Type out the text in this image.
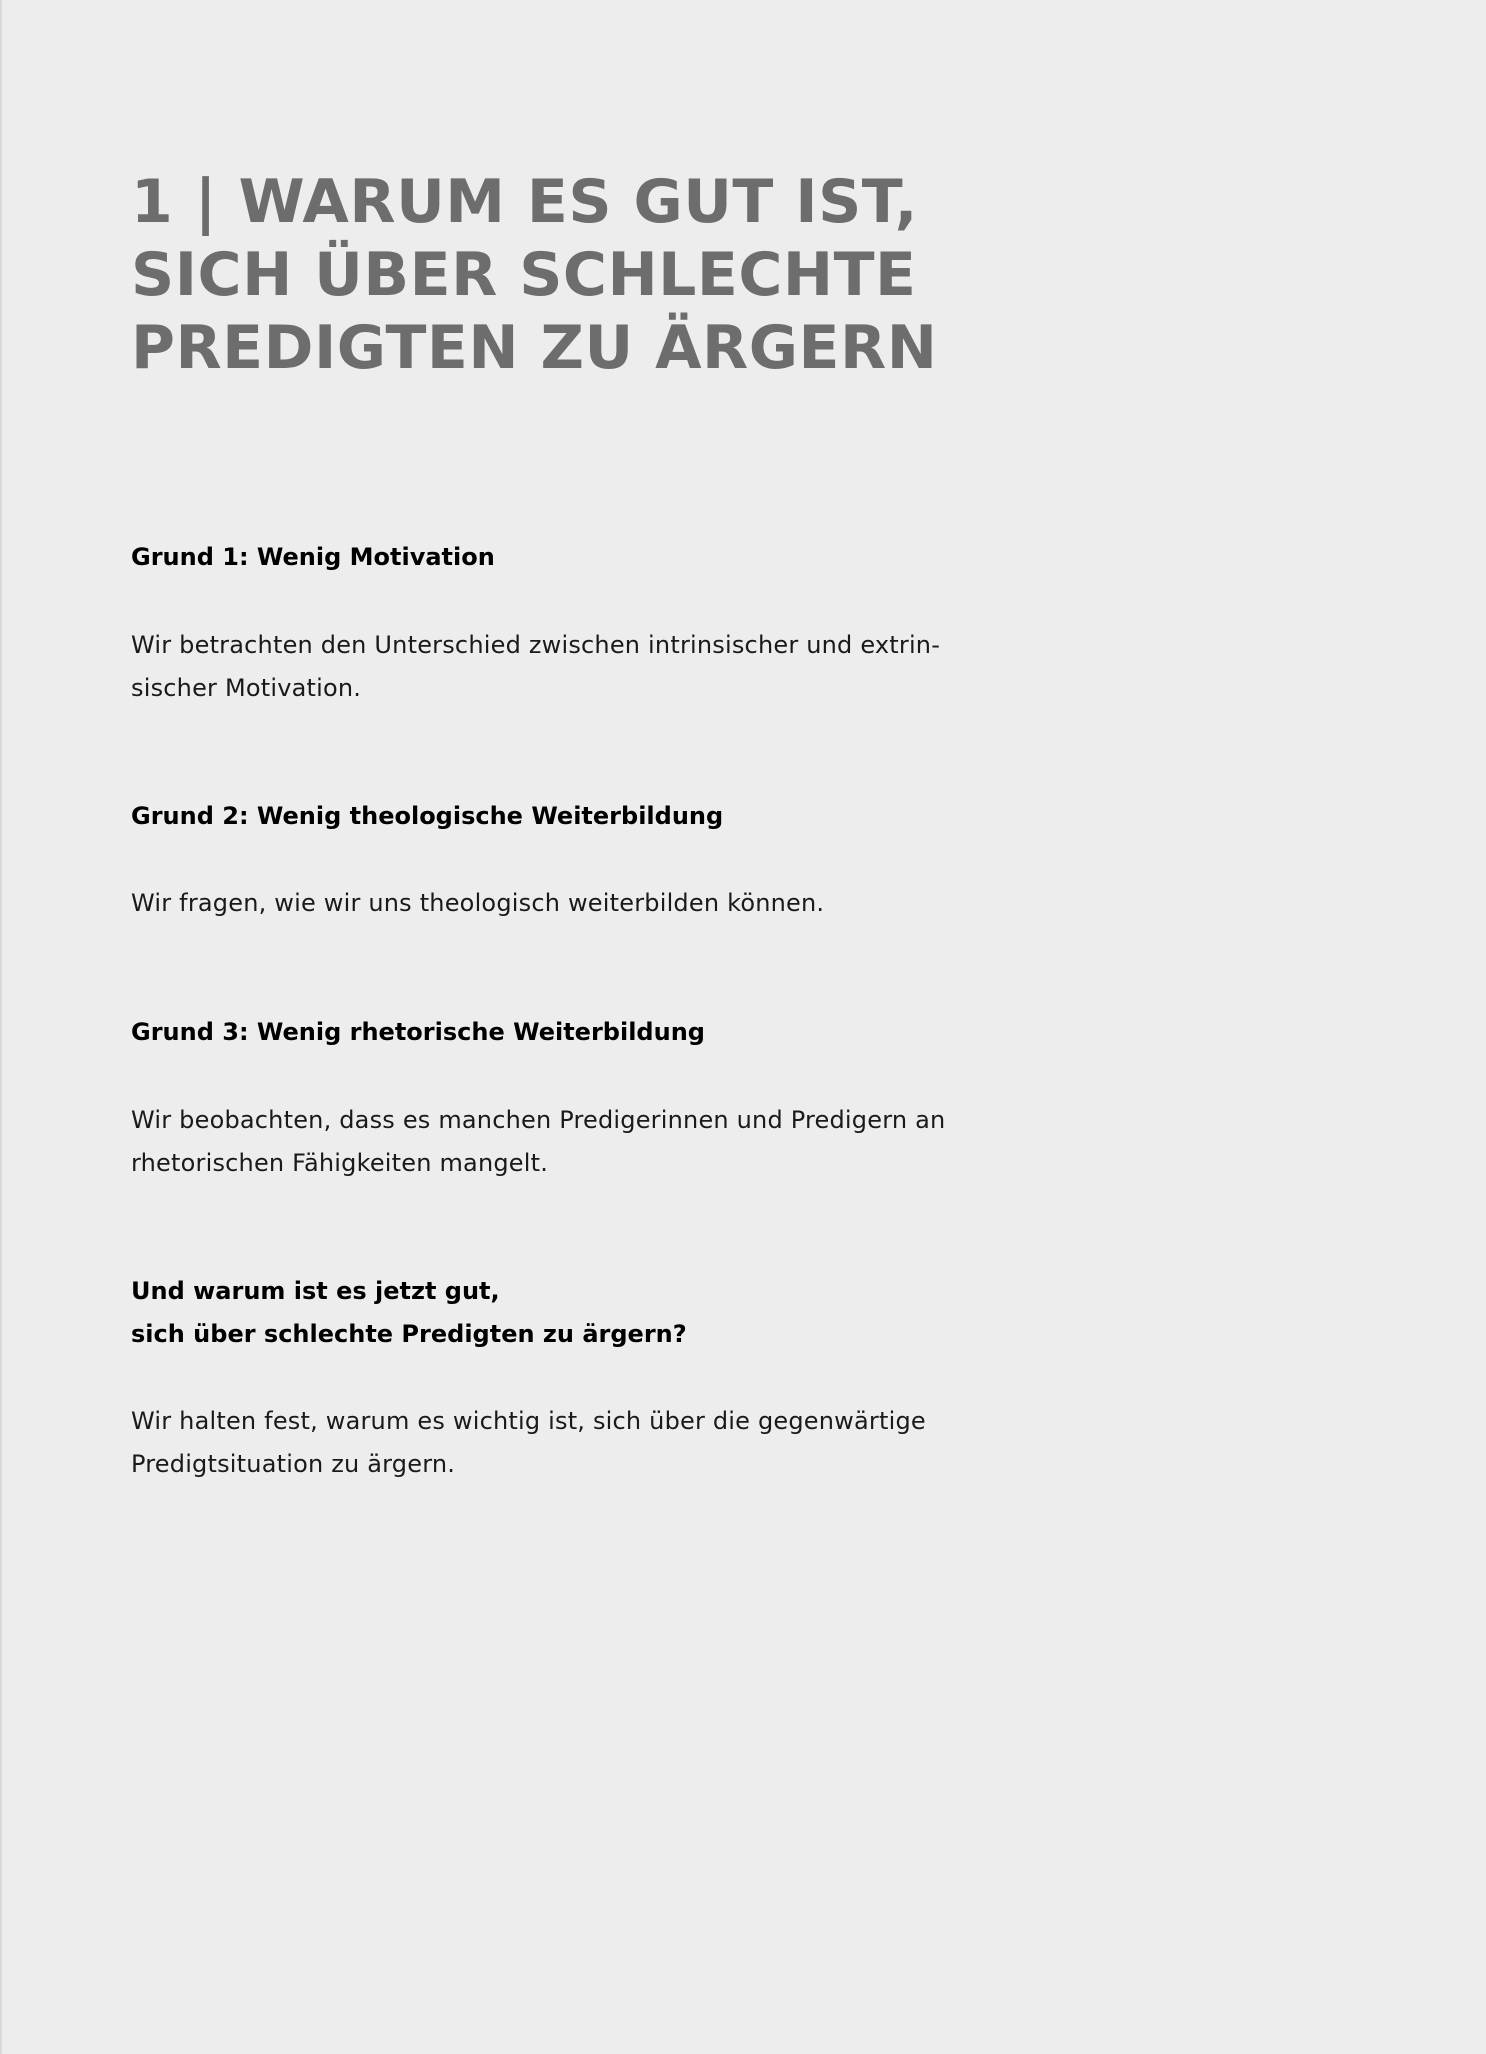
1 | WARUM ES GUT IST,
SICH ÜBER SCHLECHTE
PREDIGTEN ZU ÄRGERN
Grund 1: Wenig Motivation

Wir betrachten den Unterschied zwischen intrinsischer und extrin-
sischer Motivation.

Grund 2: Wenig theologische Weiterbildung

Wir fragen, wie wir uns theologisch weiterbilden können.

Grund 3: Wenig rhetorische Weiterbildung

Wir beobachten, dass es manchen Predigerinnen und Predigern an
rhetorischen Fähigkeiten mangelt.

Und warum ist es jetzt gut,
sich über schlechte Predigten zu ärgern?

Wir halten fest, warum es wichtig ist, sich über die gegenwärtige
Predigtsituation zu ärgern.
